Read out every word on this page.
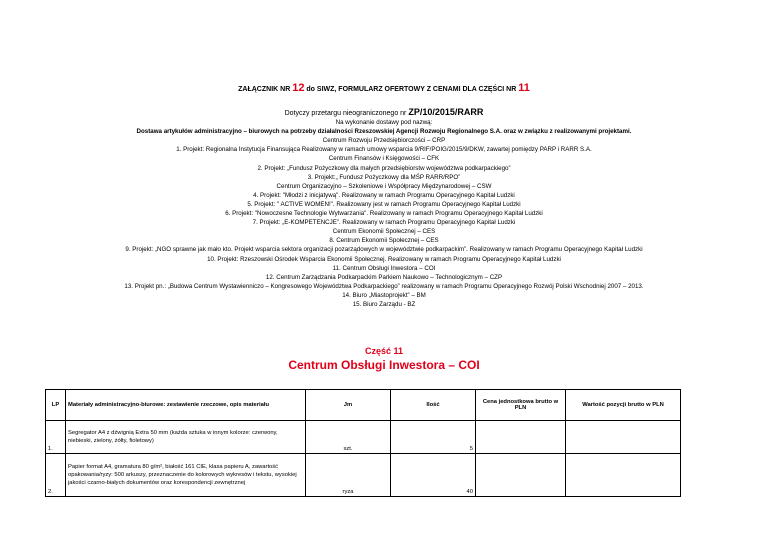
ZAŁĄCZNIK NR 12 do SIWZ, FORMULARZ OFERTOWY Z CENAMI DLA CZĘŚCI NR 11
Dotyczy przetargu nieograniczonego nr ZP/10/2015/RARR
Na wykonanie dostawy pod nazwą:
Dostawa artykułów administracyjno – biurowych na potrzeby działalności Rzeszowskiej Agencji Rozwoju Regionalnego S.A. oraz w związku z realizowanymi projektami.
Centrum Rozwoju Przedsiębiorczości – CRP
1. Projekt: Regionalna Instytucja Finansująca Realizowany w ramach umowy wsparcia 9/RIF/POIG/2015/9/DKW, zawartej pomiędzy PARP i RARR S.A.
Centrum Finansów i Księgowości – CFK
2. Projekt: „Fundusz Pożyczkowy dla małych przedsiębiorstw województwa podkarpackiego”
3. Projekt:„ Fundusz Pożyczkowy dla MŚP RARR/RPO”
Centrum Organizacyjno – Szkoleniowe i Współpracy Międzynarodowej – CSW
4. Projekt: "Młodzi z inicjatywą". Realizowany w ramach Programu Operacyjnego Kapitał Ludzki
5. Projekt: " ACTIVE WOMEN!". Realizowany jest w ramach Programu Operacyjnego Kapitał Ludzki
6. Projekt: "Nowoczesne Technologie Wytwarzania". Realizowany w ramach Programu Operacyjnego Kapitał Ludzki
7. Projekt: „E-KOMPETENCJE”. Realizowany w ramach Programu Operacyjnego Kapitał Ludzki
Centrum Ekonomii Społecznej – CES
8. Centrum Ekonomii Społecznej – CES
9. Projekt: „NGO sprawne jak mało kto. Projekt wsparcia sektora organizacji pozarządowych w województwie podkarpackim”. Realizowany w ramach Programu Operacyjnego Kapitał Ludzki
10. Projekt: Rzeszowski Ośrodek Wsparcia Ekonomii Społecznej. Realizowany w ramach Programu Operacyjnego Kapitał Ludzki
11. Centrum Obsługi Inwestora – COI
12. Centrum Zarządzania Podkarpackim Parkiem Naukowo – Technologicznym – CZP
13. Projekt pn.: „Budowa Centrum Wystawienniczo – Kongresowego Województwa Podkarpackiego” realizowany w ramach Programu Operacyjnego Rozwój Polski Wschodniej 2007 – 2013.
14. Biuro „Miastoprojekt” – BM
15. Biuro Zarządu - BZ
Część 11
Centrum Obsługi Inwestora – COI
LP	Materiały administracyjno-biurowe: zestawienie rzeczowe, opis materiału	Jm	Ilość	Cena jednostkowa brutto w PLN	Wartość pozycji brutto w PLN
1.	Segregator A4 z dźwignią Extra 50 mm (każda sztuka w innym kolorze: czerwony, niebieski, zielony, żółty, fioletowy)	szt.	5		
2.	Papier format A4, gramatura 80 g/m², białość 161 CIE, klasa papieru A, zawartość opakowania/ryzy: 500 arkuszy, przeznaczenie do kolorowych wykresów i tekstu, wysokiej jakości czarno-białych dokumentów oraz korespondencji zewnętrznej	ryza	40		
